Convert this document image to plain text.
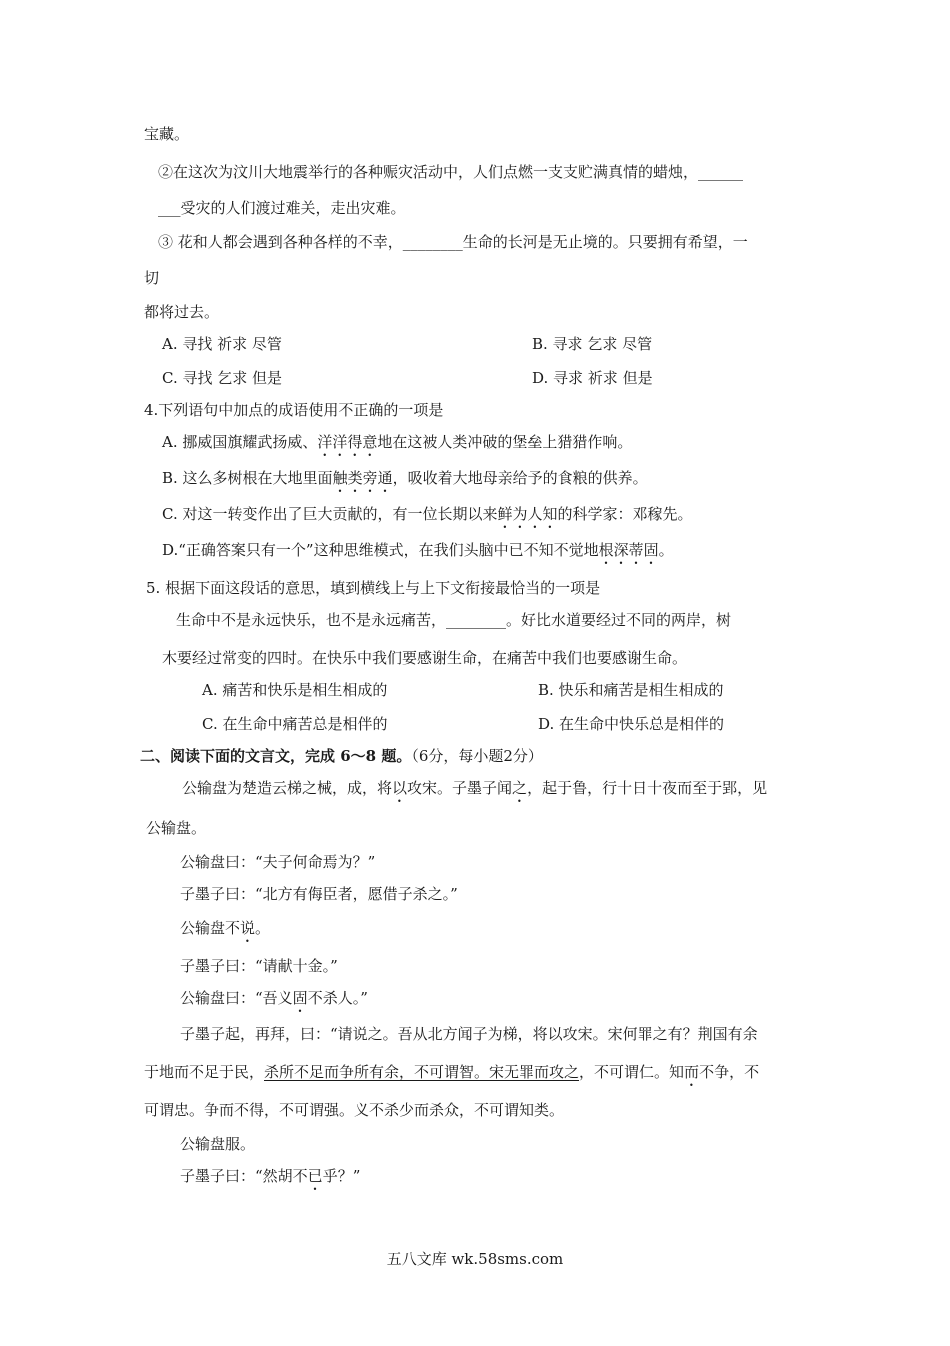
宝藏。
②在这次为汶川大地震举行的各种赈灾活动中，人们点燃一支支贮满真情的蜡烛，______
___受灾的人们渡过难关，走出灾难。
③ 花和人都会遇到各种各样的不幸，________生命的长河是无止境的。只要拥有希望，一
切
都将过去。
A. 寻找 祈求 尽管	B. 寻求 乞求 尽管
C. 寻找 乞求 但是	D. 寻求 祈求 但是
4.下列语句中加点的成语使用不正确的一项是
A. 挪威国旗耀武扬威、洋洋得意地在这被人类冲破的堡垒上猎猎作响。
B. 这么多树根在大地里面触类旁通，吸收着大地母亲给予的食粮的供养。
C. 对这一转变作出了巨大贡献的，有一位长期以来鲜为人知的科学家：邓稼先。
D.“正确答案只有一个”这种思维模式，在我们头脑中已不知不觉地根深蒂固。
5. 根据下面这段话的意思，填到横线上与上下文衔接最恰当的一项是
生命中不是永远快乐，也不是永远痛苦，________。好比水道要经过不同的两岸，树
木要经过常变的四时。在快乐中我们要感谢生命，在痛苦中我们也要感谢生命。
A. 痛苦和快乐是相生相成的	B. 快乐和痛苦是相生相成的
C. 在生命中痛苦总是相伴的	D. 在生命中快乐总是相伴的
二、阅读下面的文言文，完成 6～8 题。（6分，每小题2分）
公输盘为楚造云梯之械，成，将以攻宋。子墨子闻之，起于鲁，行十日十夜而至于郢，见
公输盘。
公输盘曰：“夫子何命焉为？”
子墨子曰：“北方有侮臣者，愿借子杀之。”
公输盘不说。
子墨子曰：“请献十金。”
公输盘曰：“吾义固不杀人。”
子墨子起，再拜，曰：“请说之。吾从北方闻子为梯，将以攻宋。宋何罪之有？荆国有余
于地而不足于民，杀所不足而争所有余，不可谓智。宋无罪而攻之，不可谓仁。知而不争，不
可谓忠。争而不得，不可谓强。义不杀少而杀众，不可谓知类。
公输盘服。
子墨子曰：“然胡不已乎？”
五八文库 wk.58sms.com
